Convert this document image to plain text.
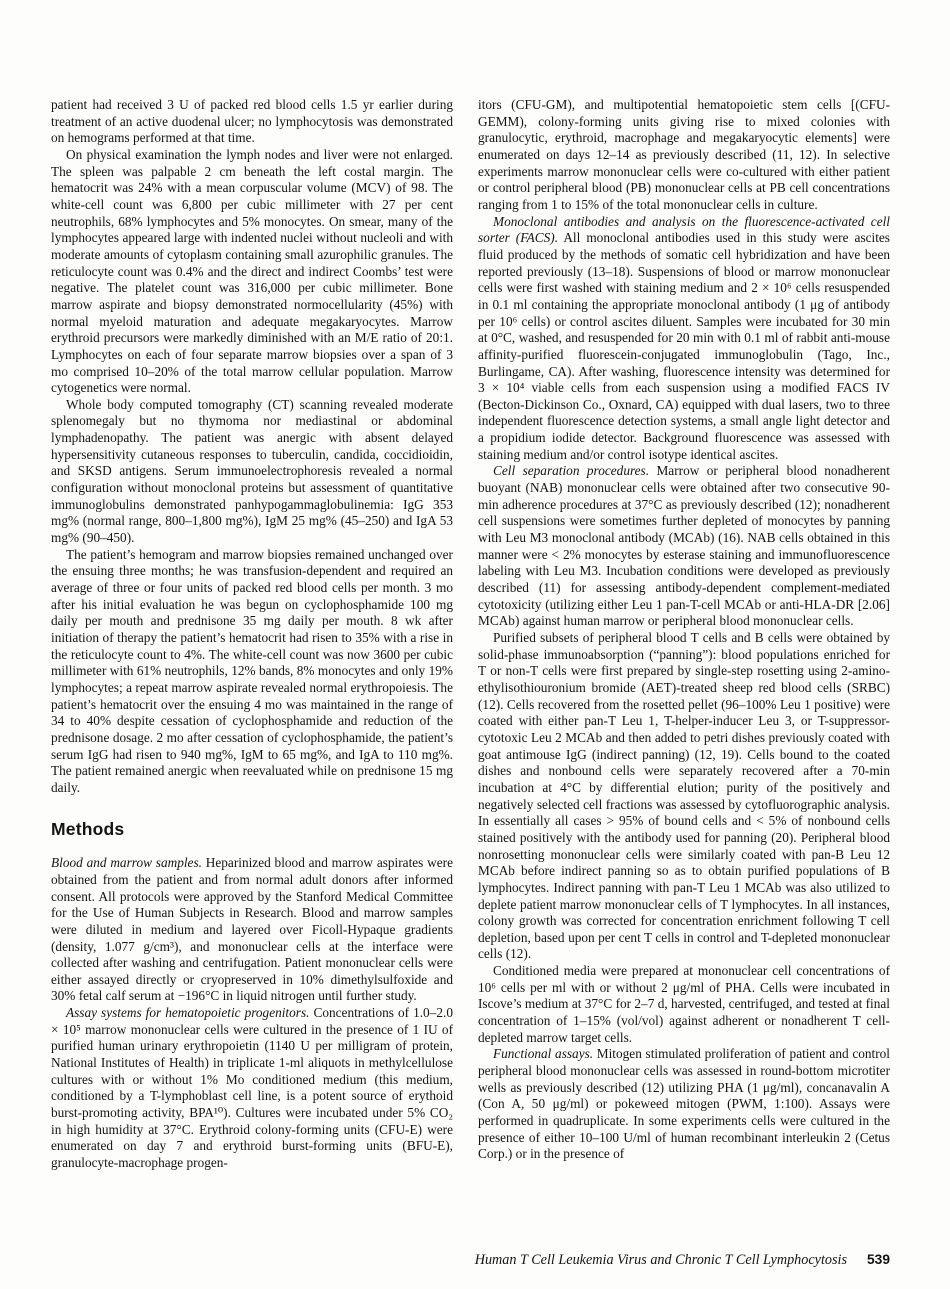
patient had received 3 U of packed red blood cells 1.5 yr earlier during treatment of an active duodenal ulcer; no lymphocytosis was demonstrated on hemograms performed at that time.

On physical examination the lymph nodes and liver were not enlarged. The spleen was palpable 2 cm beneath the left costal margin. The hematocrit was 24% with a mean corpuscular volume (MCV) of 98. The white-cell count was 6,800 per cubic millimeter with 27 per cent neutrophils, 68% lymphocytes and 5% monocytes. On smear, many of the lymphocytes appeared large with indented nuclei without nucleoli and with moderate amounts of cytoplasm containing small azurophilic granules. The reticulocyte count was 0.4% and the direct and indirect Coombs’ test were negative. The platelet count was 316,000 per cubic millimeter. Bone marrow aspirate and biopsy demonstrated normocellularity (45%) with normal myeloid maturation and adequate megakaryocytes. Marrow erythroid precursors were markedly diminished with an M/E ratio of 20:1. Lymphocytes on each of four separate marrow biopsies over a span of 3 mo comprised 10–20% of the total marrow cellular population. Marrow cytogenetics were normal.

Whole body computed tomography (CT) scanning revealed moderate splenomegaly but no thymoma nor mediastinal or abdominal lymphadenopathy. The patient was anergic with absent delayed hypersensitivity cutaneous responses to tuberculin, candida, coccidioidin, and SKSD antigens. Serum immunoelectrophoresis revealed a normal configuration without monoclonal proteins but assessment of quantitative immunoglobulins demonstrated panhypogammaglobulinemia: IgG 353 mg% (normal range, 800–1,800 mg%), IgM 25 mg% (45–250) and IgA 53 mg% (90–450).

The patient’s hemogram and marrow biopsies remained unchanged over the ensuing three months; he was transfusion-dependent and required an average of three or four units of packed red blood cells per month. 3 mo after his initial evaluation he was begun on cyclophosphamide 100 mg daily per mouth and prednisone 35 mg daily per mouth. 8 wk after initiation of therapy the patient’s hematocrit had risen to 35% with a rise in the reticulocyte count to 4%. The white-cell count was now 3600 per cubic millimeter with 61% neutrophils, 12% bands, 8% monocytes and only 19% lymphocytes; a repeat marrow aspirate revealed normal erythropoiesis. The patient’s hematocrit over the ensuing 4 mo was maintained in the range of 34 to 40% despite cessation of cyclophosphamide and reduction of the prednisone dosage. 2 mo after cessation of cyclophosphamide, the patient’s serum IgG had risen to 940 mg%, IgM to 65 mg%, and IgA to 110 mg%. The patient remained anergic when reevaluated while on prednisone 15 mg daily.

Methods

Blood and marrow samples. Heparinized blood and marrow aspirates were obtained from the patient and from normal adult donors after informed consent. All protocols were approved by the Stanford Medical Committee for the Use of Human Subjects in Research. Blood and marrow samples were diluted in medium and layered over Ficoll-Hypaque gradients (density, 1.077 g/cm³), and mononuclear cells at the interface were collected after washing and centrifugation. Patient mononuclear cells were either assayed directly or cryopreserved in 10% dimethylsulfoxide and 30% fetal calf serum at −196°C in liquid nitrogen until further study.

Assay systems for hematopoietic progenitors. Concentrations of 1.0–2.0 × 10⁵ marrow mononuclear cells were cultured in the presence of 1 IU of purified human urinary erythropoietin (1140 U per milligram of protein, National Institutes of Health) in triplicate 1-ml aliquots in methylcellulose cultures with or without 1% Mo conditioned medium (this medium, conditioned by a T-lymphoblast cell line, is a potent source of erythoid burst-promoting activity, BPA¹⁰). Cultures were incubated under 5% CO₂ in high humidity at 37°C. Erythroid colony-forming units (CFU-E) were enumerated on day 7 and erythroid burst-forming units (BFU-E), granulocyte-macrophage progen-

itors (CFU-GM), and multipotential hematopoietic stem cells [(CFU-GEMM), colony-forming units giving rise to mixed colonies with granulocytic, erythroid, macrophage and megakaryocytic elements] were enumerated on days 12–14 as previously described (11, 12). In selective experiments marrow mononuclear cells were co-cultured with either patient or control peripheral blood (PB) mononuclear cells at PB cell concentrations ranging from 1 to 15% of the total mononuclear cells in culture.

Monoclonal antibodies and analysis on the fluorescence-activated cell sorter (FACS). All monoclonal antibodies used in this study were ascites fluid produced by the methods of somatic cell hybridization and have been reported previously (13–18). Suspensions of blood or marrow mononuclear cells were first washed with staining medium and 2 × 10⁶ cells resuspended in 0.1 ml containing the appropriate monoclonal antibody (1 μg of antibody per 10⁶ cells) or control ascites diluent. Samples were incubated for 30 min at 0°C, washed, and resuspended for 20 min with 0.1 ml of rabbit anti-mouse affinity-purified fluorescein-conjugated immunoglobulin (Tago, Inc., Burlingame, CA). After washing, fluorescence intensity was determined for 3 × 10⁴ viable cells from each suspension using a modified FACS IV (Becton-Dickinson Co., Oxnard, CA) equipped with dual lasers, two to three independent fluorescence detection systems, a small angle light detector and a propidium iodide detector. Background fluorescence was assessed with staining medium and/or control isotype identical ascites.

Cell separation procedures. Marrow or peripheral blood nonadherent buoyant (NAB) mononuclear cells were obtained after two consecutive 90-min adherence procedures at 37°C as previously described (12); nonadherent cell suspensions were sometimes further depleted of monocytes by panning with Leu M3 monoclonal antibody (MCAb) (16). NAB cells obtained in this manner were < 2% monocytes by esterase staining and immunofluorescence labeling with Leu M3. Incubation conditions were developed as previously described (11) for assessing antibody-dependent complement-mediated cytotoxicity (utilizing either Leu 1 pan-T-cell MCAb or anti-HLA-DR [2.06] MCAb) against human marrow or peripheral blood mononuclear cells.

Purified subsets of peripheral blood T cells and B cells were obtained by solid-phase immunoabsorption (“panning”): blood populations enriched for T or non-T cells were first prepared by single-step rosetting using 2-amino-ethylisothiouronium bromide (AET)-treated sheep red blood cells (SRBC) (12). Cells recovered from the rosetted pellet (96–100% Leu 1 positive) were coated with either pan-T Leu 1, T-helper-inducer Leu 3, or T-suppressor-cytotoxic Leu 2 MCAb and then added to petri dishes previously coated with goat antimouse IgG (indirect panning) (12, 19). Cells bound to the coated dishes and nonbound cells were separately recovered after a 70-min incubation at 4°C by differential elution; purity of the positively and negatively selected cell fractions was assessed by cytofluorographic analysis. In essentially all cases > 95% of bound cells and < 5% of nonbound cells stained positively with the antibody used for panning (20). Peripheral blood nonrosetting mononuclear cells were similarly coated with pan-B Leu 12 MCAb before indirect panning so as to obtain purified populations of B lymphocytes. Indirect panning with pan-T Leu 1 MCAb was also utilized to deplete patient marrow mononuclear cells of T lymphocytes. In all instances, colony growth was corrected for concentration enrichment following T cell depletion, based upon per cent T cells in control and T-depleted mononuclear cells (12).

Conditioned media were prepared at mononuclear cell concentrations of 10⁶ cells per ml with or without 2 μg/ml of PHA. Cells were incubated in Iscove’s medium at 37°C for 2–7 d, harvested, centrifuged, and tested at final concentration of 1–15% (vol/vol) against adherent or nonadherent T cell-depleted marrow target cells.

Functional assays. Mitogen stimulated proliferation of patient and control peripheral blood mononuclear cells was assessed in round-bottom microtiter wells as previously described (12) utilizing PHA (1 μg/ml), concanavalin A (Con A, 50 μg/ml) or pokeweed mitogen (PWM, 1:100). Assays were performed in quadruplicate. In some experiments cells were cultured in the presence of either 10–100 U/ml of human recombinant interleukin 2 (Cetus Corp.) or in the presence of

Human T Cell Leukemia Virus and Chronic T Cell Lymphocytosis 539
